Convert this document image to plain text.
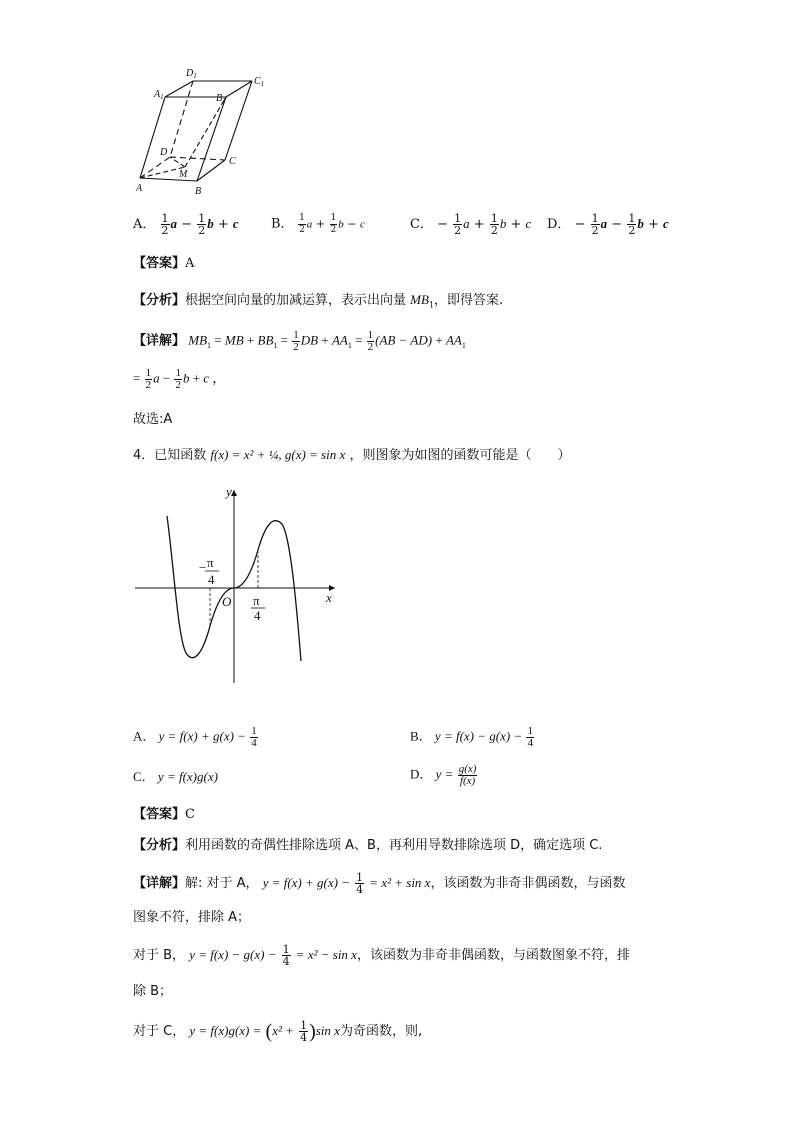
$D_1$	$C_1$
$A_1$	$B_1$
D
C
M
A	B
A． $\frac{1}{2}$ $a - \frac{1}{2}$ b + c B． $\frac{1}{2}$ $a + \frac{1}{2}$ b − c	C． − $\frac{1}{2}$ $a + \frac{1}{2}$ b + c D． − $\frac{1}{2}$ $a - \frac{1}{2}$ b + c
【答案】A
【分析】根据空间向量的加减运算，表示出向量 $MB_1$，即得答案.
【详解】 $MB_1$ = MB + $BB_1 = \frac{1}{2}$ DB + $AA_1 = \frac{1}{2} (AB - AD) + AA_1$
= $\frac{1}{2}$ $a - \frac{1}{2}$ b + c ，
故选:A
4．已知函数 f(x) = x² + ¼, g(x) = sin x ，则图象为如图的函数可能是（　　）
y
x
O
− π
4
π
4
A． $y = f(x) + g(x) - \frac{1}{4}$	B． $y = f(x) - g(x) - \frac{1}{4}$
C． y = f(x)g(x)	D． $y = \frac{g(x)}{f(x)}$
【答案】C
【分析】利用函数的奇偶性排除选项 A、B，再利用导数排除选项 D，确定选项 C.
【详解】解: 对于 A， $y = f(x) + g(x) - \frac{1}{4} = x^2 + \sin x$，该函数为非奇非偶函数，与函数
图象不符，排除 A；
对于 B， $y = f(x) - g(x) - \frac{1}{4} = x^2 - \sin x$，该函数为非奇非偶函数，与函数图象不符，排
除 B；
对于 C， $y = f(x)g(x) = (x^2 + \frac{1}{4} )\sin$ x为奇函数，则,
